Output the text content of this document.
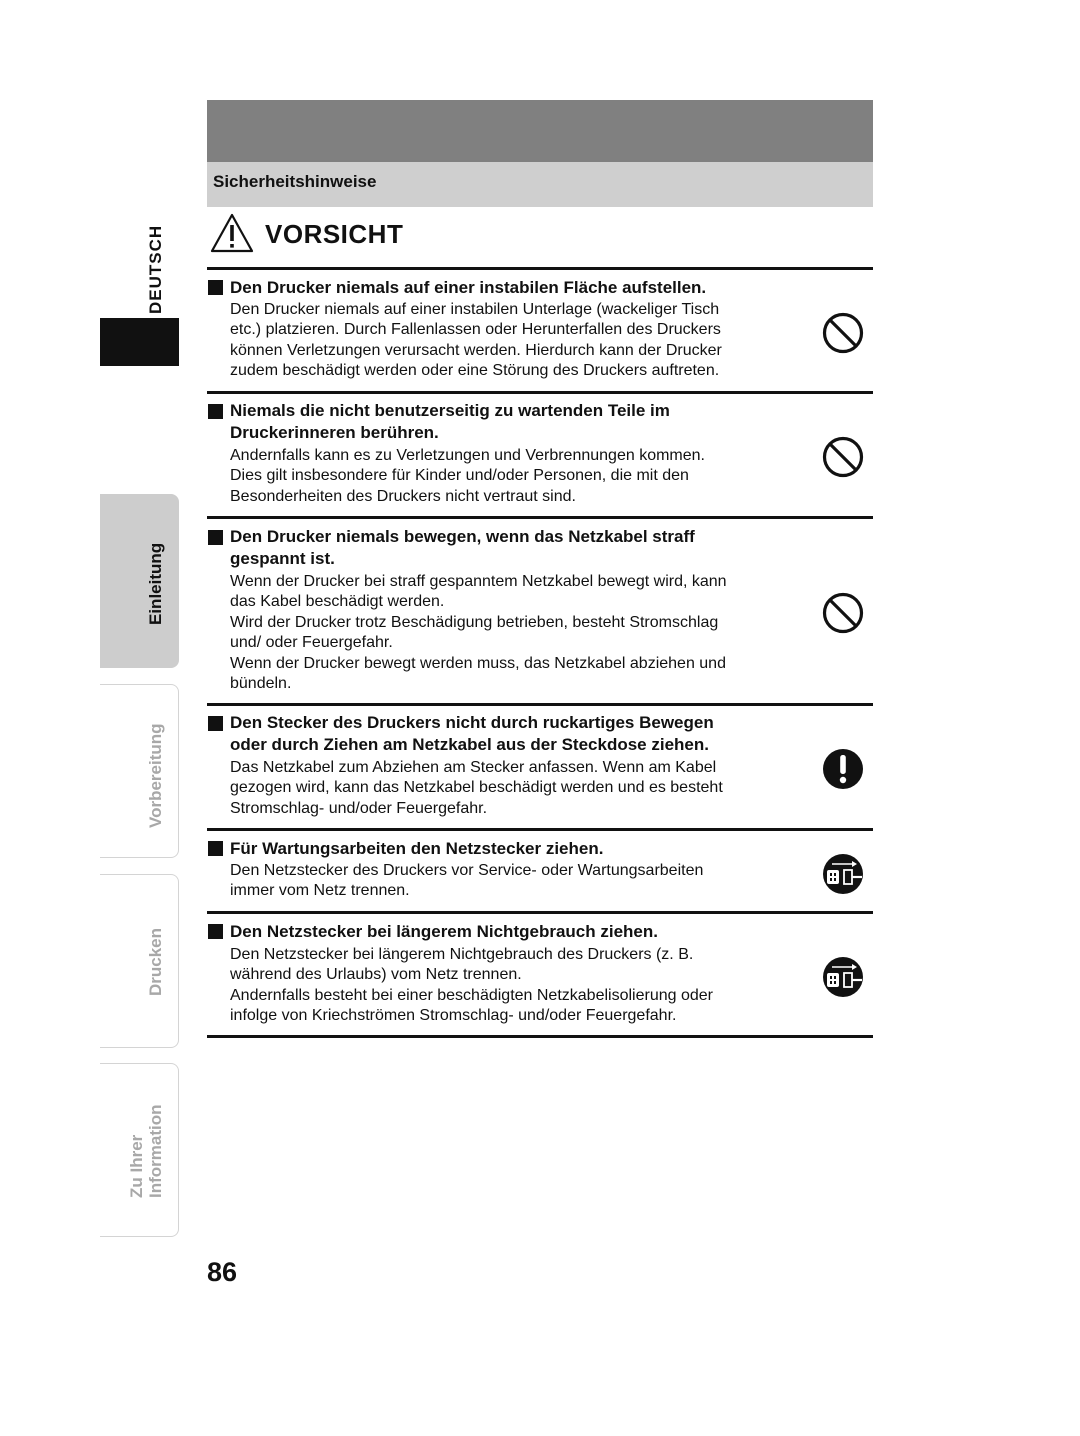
Sicherheitshinweise
VORSICHT
Den Drucker niemals auf einer instabilen Fläche aufstellen.
Den Drucker niemals auf einer instabilen Unterlage (wackeliger Tisch
etc.) platzieren. Durch Fallenlassen oder Herunterfallen des Druckers
können Verletzungen verursacht werden. Hierdurch kann der Drucker
zudem beschädigt werden oder eine Störung des Druckers auftreten.
Niemals die nicht benutzerseitig zu wartenden Teile im
Druckerinneren berühren.
Andernfalls kann es zu Verletzungen und Verbrennungen kommen.
Dies gilt insbesondere für Kinder und/oder Personen, die mit den
Besonderheiten des Druckers nicht vertraut sind.
Den Drucker niemals bewegen, wenn das Netzkabel straff
gespannt ist.
Wenn der Drucker bei straff gespanntem Netzkabel bewegt wird, kann
das Kabel beschädigt werden.
Wird der Drucker trotz Beschädigung betrieben, besteht Stromschlag
und/ oder Feuergefahr.
Wenn der Drucker bewegt werden muss, das Netzkabel abziehen und
bündeln.
Den Stecker des Druckers nicht durch ruckartiges Bewegen
oder durch Ziehen am Netzkabel aus der Steckdose ziehen.
Das Netzkabel zum Abziehen am Stecker anfassen. Wenn am Kabel
gezogen wird, kann das Netzkabel beschädigt werden und es besteht
Stromschlag- und/oder Feuergefahr.
Für Wartungsarbeiten den Netzstecker ziehen.
Den Netzstecker des Druckers vor Service- oder Wartungsarbeiten
immer vom Netz trennen.
Den Netzstecker bei längerem Nichtgebrauch ziehen.
Den Netzstecker bei längerem Nichtgebrauch des Druckers (z. B.
während des Urlaubs) vom Netz trennen.
Andernfalls besteht bei einer beschädigten Netzkabelisolierung oder
infolge von Kriechströmen Stromschlag- und/oder Feuergefahr.
DEUTSCH
Einleitung
Vorbereitung
Drucken
Zu Ihrer Information
86
